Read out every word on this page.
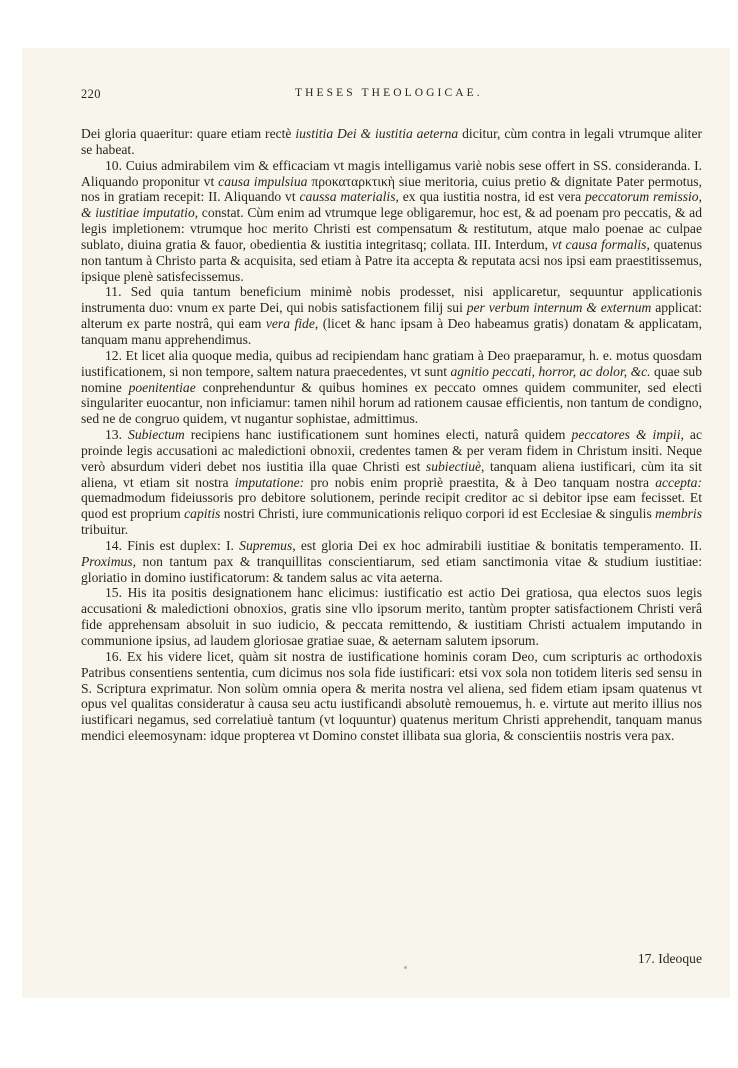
220	THESES THEOLOGICAE.

Dei gloria quaeritur: quare etiam rectè iustitia Dei & iustitia aeterna dicitur, cùm contra in legali vtrumque aliter se habeat.

10. Cuius admirabilem vim & efficaciam vt magis intelligamus variè nobis sese offert in SS. consideranda. I. Aliquando proponitur vt causa impulsiua προκαταρκτικὴ siue meritoria, cuius pretio & dignitate Pater permotus, nos in gratiam recepit: II. Aliquando vt caussa materialis, ex qua iustitia nostra, id est vera peccatorum remissio, & iustitiae imputatio, constat. Cùm enim ad vtrumque lege obligaremur, hoc est, & ad poenam pro peccatis, & ad legis impletionem: vtrumque hoc merito Christi est compensatum & restitutum, atque malo poenae ac culpae sublato, diuina gratia & fauor, obedientia & iustitia integritasq; collata. III. Interdum, vt causa formalis, quatenus non tantum à Christo parta & acquisita, sed etiam à Patre ita accepta & reputata acsi nos ipsi eam praestitissemus, ipsique plenè satisfecissemus.

11. Sed quia tantum beneficium minimè nobis prodesset, nisi applicaretur, sequuntur applicationis instrumenta duo: vnum ex parte Dei, qui nobis satisfactionem filij sui per verbum internum & externum applicat: alterum ex parte nostrâ, qui eam vera fide, (licet & hanc ipsam à Deo habeamus gratis) donatam & applicatam, tanquam manu apprehendimus.

12. Et licet alia quoque media, quibus ad recipiendam hanc gratiam à Deo praeparamur, h. e. motus quosdam iustificationem, si non tempore, saltem natura praecedentes, vt sunt agnitio peccati, horror, ac dolor, &c. quae sub nomine poenitentiae conprehenduntur & quibus homines ex peccato omnes quidem communiter, sed electi singulariter euocantur, non inficiamur: tamen nihil horum ad rationem causae efficientis, non tantum de condigno, sed ne de congruo quidem, vt nugantur sophistae, admittimus.

13. Subiectum recipiens hanc iustificationem sunt homines electi, naturâ quidem peccatores & impii, ac proinde legis accusationi ac maledictioni obnoxii, credentes tamen & per veram fidem in Christum insiti. Neque verò absurdum videri debet nos iustitia illa quae Christi est subiectiuè, tanquam aliena iustificari, cùm ita sit aliena, vt etiam sit nostra imputatione: pro nobis enim propriè praestita, & à Deo tanquam nostra accepta: quemadmodum fideiussoris pro debitore solutionem, perinde recipit creditor ac si debitor ipse eam fecisset. Et quod est proprium capitis nostri Christi, iure communicationis reliquo corpori id est Ecclesiae & singulis membris tribuitur.

14. Finis est duplex: I. Supremus, est gloria Dei ex hoc admirabili iustitiae & bonitatis temperamento. II. Proximus, non tantum pax & tranquillitas conscientiarum, sed etiam sanctimonia vitae & studium iustitiae: gloriatio in domino iustificatorum: & tandem salus ac vita aeterna.

15. His ita positis designationem hanc elicimus: iustificatio est actio Dei gratiosa, qua electos suos legis accusationi & maledictioni obnoxios, gratis sine vllo ipsorum merito, tantùm propter satisfactionem Christi verâ fide apprehensam absoluit in suo iudicio, & peccata remittendo, & iustitiam Christi actualem imputando in communione ipsius, ad laudem gloriosae gratiae suae, & aeternam salutem ipsorum.

16. Ex his videre licet, quàm sit nostra de iustificatione hominis coram Deo, cum scripturis ac orthodoxis Patribus consentiens sententia, cum dicimus nos sola fide iustificari: etsi vox sola non totidem literis sed sensu in S. Scriptura exprimatur. Non solùm omnia opera & merita nostra vel aliena, sed fidem etiam ipsam quatenus vt opus vel qualitas consideratur à causa seu actu iustificandi absolutè remouemus, h. e. virtute aut merito illius nos iustificari negamus, sed correlatiuè tantum (vt loquuntur) quatenus meritum Christi apprehendit, tanquam manus mendici eleemosynam: idque propterea vt Domino constet illibata sua gloria, & conscientiis nostris vera pax.

17. Ideoque
